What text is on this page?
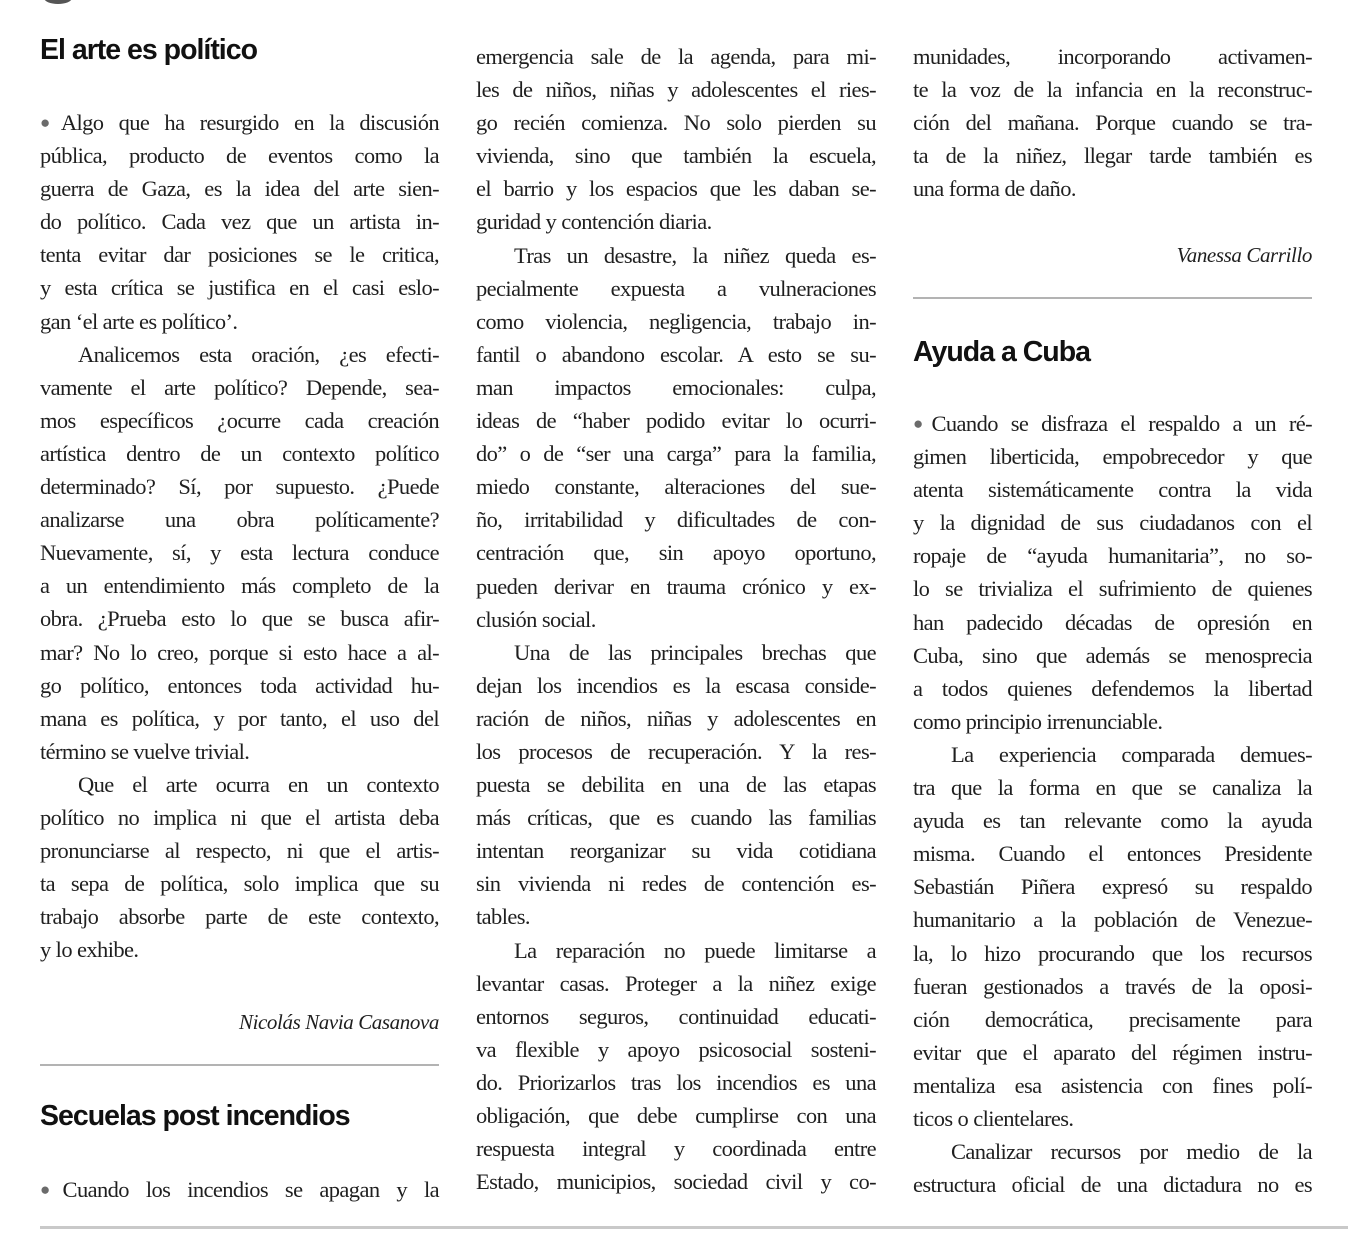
El arte es político
●Algo que ha resurgido en la discusión
pública, producto de eventos como la
guerra de Gaza, es la idea del arte sien-
do político. Cada vez que un artista in-
tenta evitar dar posiciones se le critica,
y esta crítica se justifica en el casi eslo-
gan ‘el arte es político’.
Analicemos esta oración, ¿es efecti-
vamente el arte político? Depende, sea-
mos específicos ¿ocurre cada creación
artística dentro de un contexto político
determinado? Sí, por supuesto. ¿Puede
analizarse una obra políticamente?
Nuevamente, sí, y esta lectura conduce
a un entendimiento más completo de la
obra. ¿Prueba esto lo que se busca afir-
mar? No lo creo, porque si esto hace a al-
go político, entonces toda actividad hu-
mana es política, y por tanto, el uso del
término se vuelve trivial.
Que el arte ocurra en un contexto
político no implica ni que el artista deba
pronunciarse al respecto, ni que el artis-
ta sepa de política, solo implica que su
trabajo absorbe parte de este contexto,
y lo exhibe.
Nicolás Navia Casanova
Secuelas post incendios
●Cuando los incendios se apagan y la
emergencia sale de la agenda, para mi-
les de niños, niñas y adolescentes el ries-
go recién comienza. No solo pierden su
vivienda, sino que también la escuela,
el barrio y los espacios que les daban se-
guridad y contención diaria.
Tras un desastre, la niñez queda es-
pecialmente expuesta a vulneraciones
como violencia, negligencia, trabajo in-
fantil o abandono escolar. A esto se su-
man impactos emocionales: culpa,
ideas de “haber podido evitar lo ocurri-
do” o de “ser una carga” para la familia,
miedo constante, alteraciones del sue-
ño, irritabilidad y dificultades de con-
centración que, sin apoyo oportuno,
pueden derivar en trauma crónico y ex-
clusión social.
Una de las principales brechas que
dejan los incendios es la escasa conside-
ración de niños, niñas y adolescentes en
los procesos de recuperación. Y la res-
puesta se debilita en una de las etapas
más críticas, que es cuando las familias
intentan reorganizar su vida cotidiana
sin vivienda ni redes de contención es-
tables.
La reparación no puede limitarse a
levantar casas. Proteger a la niñez exige
entornos seguros, continuidad educati-
va flexible y apoyo psicosocial sosteni-
do. Priorizarlos tras los incendios es una
obligación, que debe cumplirse con una
respuesta integral y coordinada entre
Estado, municipios, sociedad civil y co-
munidades, incorporando activamen-
te la voz de la infancia en la reconstruc-
ción del mañana. Porque cuando se tra-
ta de la niñez, llegar tarde también es
una forma de daño.
Vanessa Carrillo
Ayuda a Cuba
●Cuando se disfraza el respaldo a un ré-
gimen liberticida, empobrecedor y que
atenta sistemáticamente contra la vida
y la dignidad de sus ciudadanos con el
ropaje de “ayuda humanitaria”, no so-
lo se trivializa el sufrimiento de quienes
han padecido décadas de opresión en
Cuba, sino que además se menosprecia
a todos quienes defendemos la libertad
como principio irrenunciable.
La experiencia comparada demues-
tra que la forma en que se canaliza la
ayuda es tan relevante como la ayuda
misma. Cuando el entonces Presidente
Sebastián Piñera expresó su respaldo
humanitario a la población de Venezue-
la, lo hizo procurando que los recursos
fueran gestionados a través de la oposi-
ción democrática, precisamente para
evitar que el aparato del régimen instru-
mentaliza esa asistencia con fines polí-
ticos o clientelares.
Canalizar recursos por medio de la
estructura oficial de una dictadura no es
